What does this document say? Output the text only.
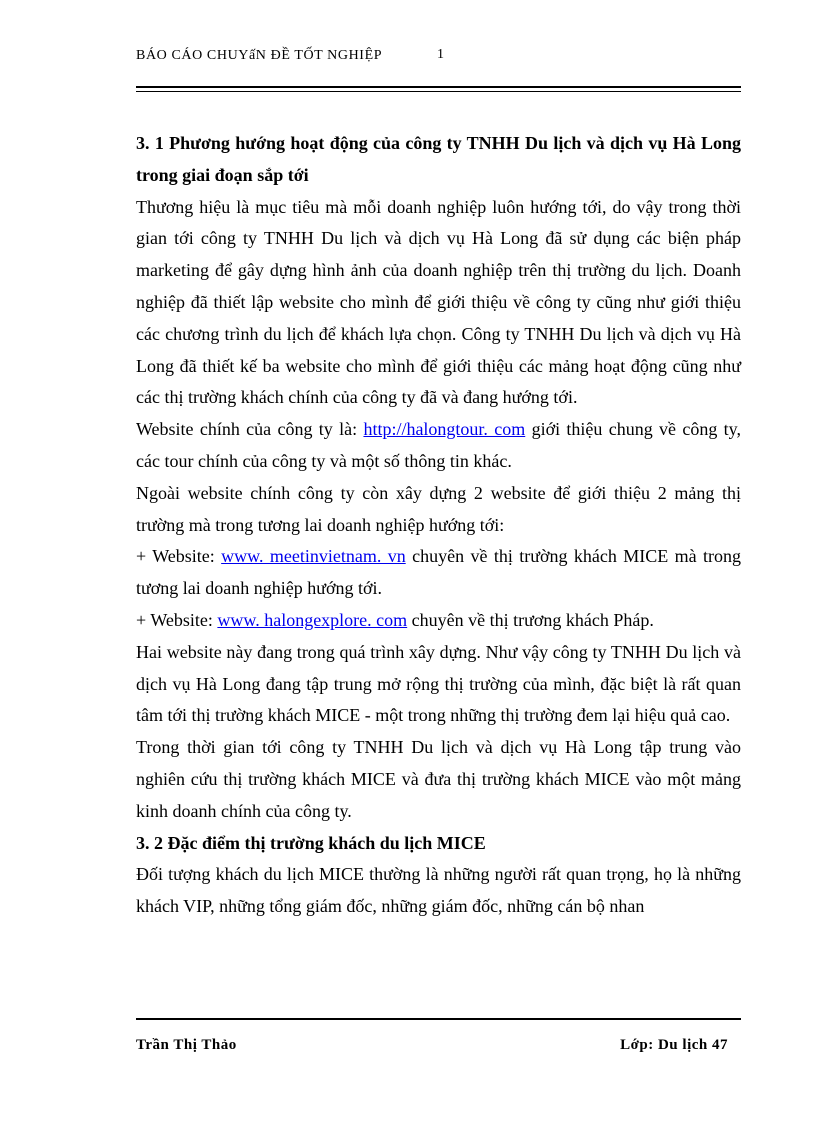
BÁO CÁO CHUYấN ĐỀ TỐT NGHIỆP	1

3. 1 Phương hướng hoạt động của công ty TNHH Du lịch và dịch vụ Hà Long trong giai đoạn sắp tới

Thương hiệu là mục tiêu mà mỗi doanh nghiệp luôn hướng tới, do vậy trong thời gian tới công ty TNHH Du lịch và dịch vụ Hà Long đã sử dụng các biện pháp marketing để gây dựng hình ảnh của doanh nghiệp trên thị trường du lịch. Doanh nghiệp đã thiết lập website cho mình để giới thiệu về công ty cũng như giới thiệu các chương trình du lịch để khách lựa chọn. Công ty TNHH Du lịch và dịch vụ Hà Long đã thiết kế ba website cho mình để giới thiệu các mảng hoạt động cũng như các thị trường khách chính của công ty đã và đang hướng tới.

Website chính của công ty là: http://halongtour. com giới thiệu chung về công ty, các tour chính của công ty và một số thông tin khác.

Ngoài website chính công ty còn xây dựng 2 website để giới thiệu 2 mảng thị trường mà trong tương lai doanh nghiệp hướng tới:

+ Website: www. meetinvietnam. vn chuyên về thị trường khách MICE mà trong tương lai doanh nghiệp hướng tới.

+ Website: www. halongexplore. com chuyên về thị trương khách Pháp.

Hai website này đang trong quá trình xây dựng. Như vậy công ty TNHH Du lịch và dịch vụ Hà Long đang tập trung mở rộng thị trường của mình, đặc biệt là rất quan tâm tới thị trường khách MICE - một trong những thị trường đem lại hiệu quả cao.

Trong thời gian tới công ty TNHH Du lịch và dịch vụ Hà Long tập trung vào nghiên cứu thị trường khách MICE và đưa thị trường khách MICE vào một mảng kinh doanh chính của công ty.

3. 2 Đặc điểm thị trường khách du lịch MICE

Đối tượng khách du lịch MICE thường là những người rất quan trọng, họ là những khách VIP, những tổng giám đốc, những giám đốc, những cán bộ nhan

Trần Thị Thảo	Lớp: Du lịch 47
